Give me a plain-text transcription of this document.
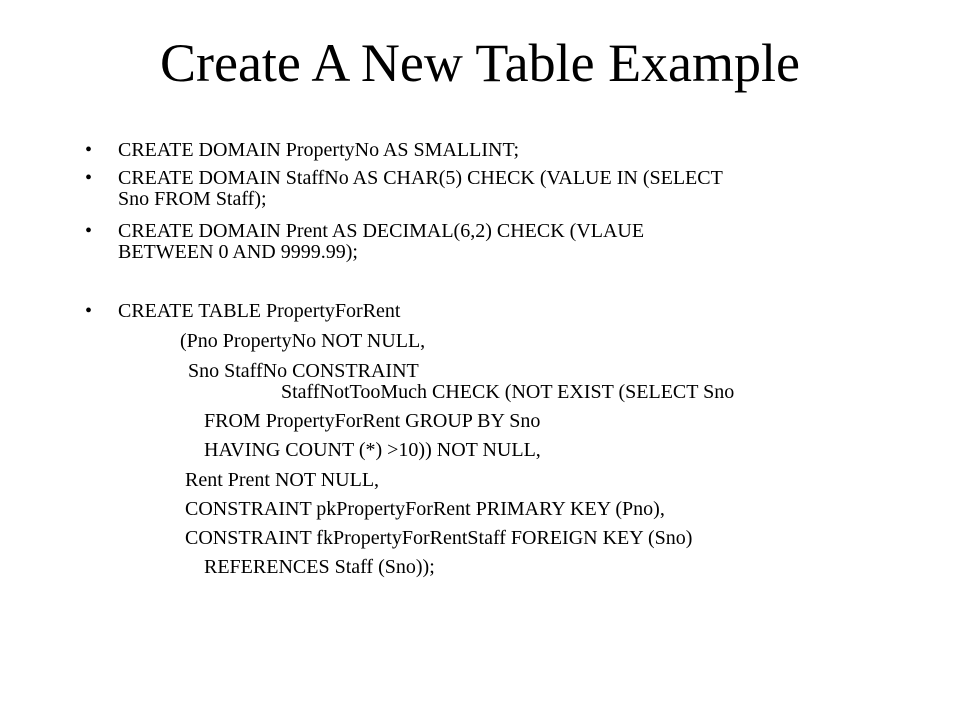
Create A New Table Example
• CREATE DOMAIN PropertyNo AS SMALLINT;
• CREATE DOMAIN StaffNo AS CHAR(5) CHECK (VALUE IN (SELECT
Sno FROM Staff);
• CREATE DOMAIN Prent AS DECIMAL(6,2) CHECK (VLAUE
BETWEEN 0 AND 9999.99);
• CREATE TABLE PropertyForRent
(Pno PropertyNo NOT NULL,
Sno StaffNo CONSTRAINT
StaffNotTooMuch CHECK (NOT EXIST (SELECT Sno
FROM PropertyForRent GROUP BY Sno
HAVING COUNT (*) >10)) NOT NULL,
Rent Prent NOT NULL,
CONSTRAINT pkPropertyForRent PRIMARY KEY (Pno),
CONSTRAINT fkPropertyForRentStaff FOREIGN KEY (Sno)
REFERENCES Staff (Sno));
